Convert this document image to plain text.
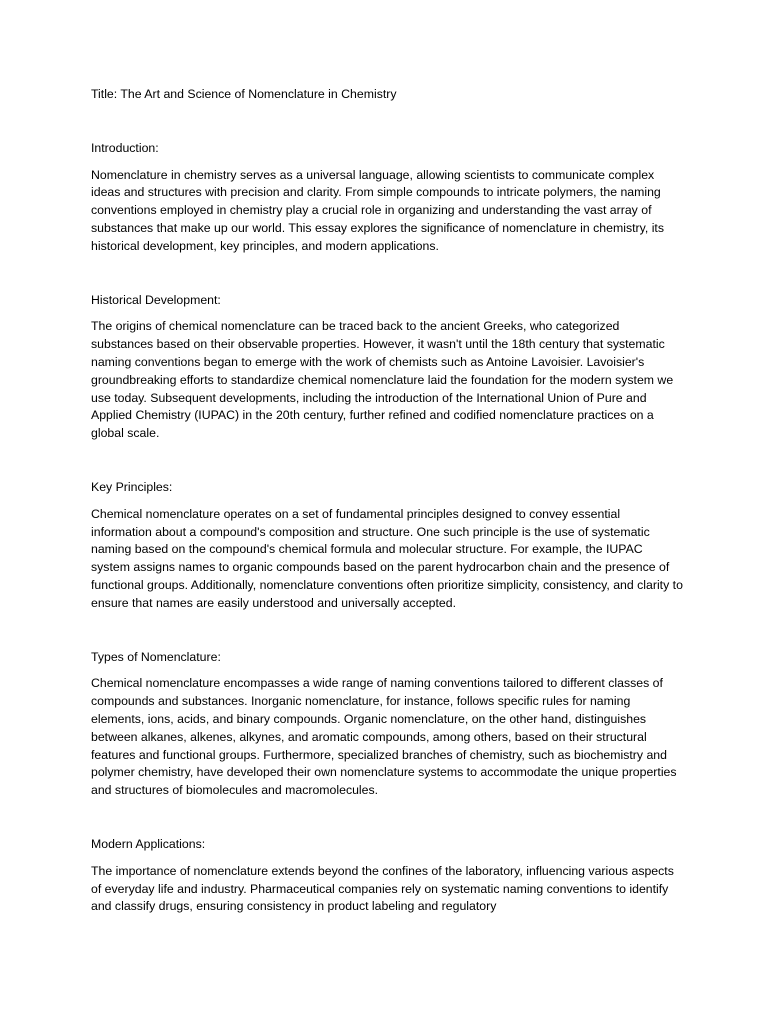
Title: The Art and Science of Nomenclature in Chemistry

Introduction:

Nomenclature in chemistry serves as a universal language, allowing scientists to communicate complex ideas and structures with precision and clarity. From simple compounds to intricate polymers, the naming conventions employed in chemistry play a crucial role in organizing and understanding the vast array of substances that make up our world. This essay explores the significance of nomenclature in chemistry, its historical development, key principles, and modern applications.

Historical Development:

The origins of chemical nomenclature can be traced back to the ancient Greeks, who categorized substances based on their observable properties. However, it wasn't until the 18th century that systematic naming conventions began to emerge with the work of chemists such as Antoine Lavoisier. Lavoisier's groundbreaking efforts to standardize chemical nomenclature laid the foundation for the modern system we use today. Subsequent developments, including the introduction of the International Union of Pure and Applied Chemistry (IUPAC) in the 20th century, further refined and codified nomenclature practices on a global scale.

Key Principles:

Chemical nomenclature operates on a set of fundamental principles designed to convey essential information about a compound's composition and structure. One such principle is the use of systematic naming based on the compound's chemical formula and molecular structure. For example, the IUPAC system assigns names to organic compounds based on the parent hydrocarbon chain and the presence of functional groups. Additionally, nomenclature conventions often prioritize simplicity, consistency, and clarity to ensure that names are easily understood and universally accepted.

Types of Nomenclature:

Chemical nomenclature encompasses a wide range of naming conventions tailored to different classes of compounds and substances. Inorganic nomenclature, for instance, follows specific rules for naming elements, ions, acids, and binary compounds. Organic nomenclature, on the other hand, distinguishes between alkanes, alkenes, alkynes, and aromatic compounds, among others, based on their structural features and functional groups. Furthermore, specialized branches of chemistry, such as biochemistry and polymer chemistry, have developed their own nomenclature systems to accommodate the unique properties and structures of biomolecules and macromolecules.

Modern Applications:

The importance of nomenclature extends beyond the confines of the laboratory, influencing various aspects of everyday life and industry. Pharmaceutical companies rely on systematic naming conventions to identify and classify drugs, ensuring consistency in product labeling and regulatory
